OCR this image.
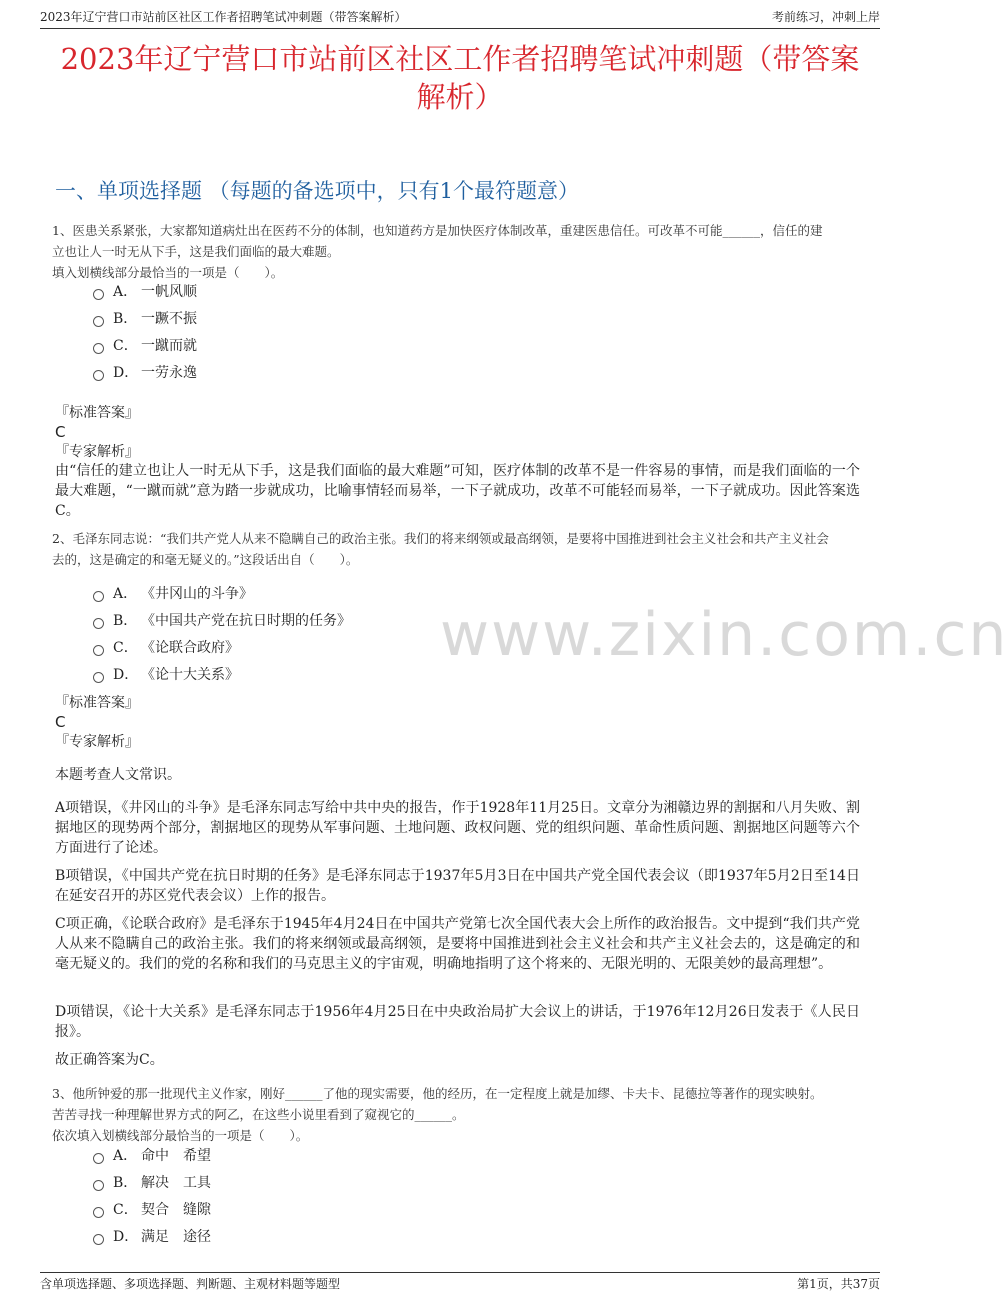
2023年辽宁营口市站前区社区工作者招聘笔试冲刺题（带答案解析）	考前练习，冲刺上岸
2023年辽宁营口市站前区社区工作者招聘笔试冲刺题（带答案
解析）
一、单项选择题 （每题的备选项中，只有1个最符题意）
www.zixin.com.cn
1、医患关系紧张，大家都知道病灶出在医药不分的体制，也知道药方是加快医疗体制改革，重建医患信任。可改革不可能______，信任的建
立也让人一时无从下手，这是我们面临的最大难题。
填入划横线部分最恰当的一项是（　　）。
A． 一帆风顺
B． 一蹶不振
C． 一蹴而就
D． 一劳永逸
『标准答案』
C
『专家解析』
由“信任的建立也让人一时无从下手，这是我们面临的最大难题”可知，医疗体制的改革不是一件容易的事情，而是我们面临的一个最大难题，“一蹴而就”意为踏一步就成功，比喻事情轻而易举，一下子就成功，改革不可能轻而易举，一下子就成功。因此答案选C。
2、毛泽东同志说：“我们共产党人从来不隐瞒自己的政治主张。我们的将来纲领或最高纲领，是要将中国推进到社会主义社会和共产主义社会
去的，这是确定的和毫无疑义的。”这段话出自（　　）。
A． 《井冈山的斗争》
B． 《中国共产党在抗日时期的任务》
C． 《论联合政府》
D． 《论十大关系》
『标准答案』
C
『专家解析』
本题考查人文常识。
A项错误，《井冈山的斗争》是毛泽东同志写给中共中央的报告，作于1928年11月25日。文章分为湘赣边界的割据和八月失败、割据地区的现势两个部分，割据地区的现势从军事问题、土地问题、政权问题、党的组织问题、革命性质问题、割据地区问题等六个方面进行了论述。
B项错误，《中国共产党在抗日时期的任务》是毛泽东同志于1937年5月3日在中国共产党全国代表会议（即1937年5月2日至14日在延安召开的苏区党代表会议）上作的报告。
C项正确，《论联合政府》是毛泽东于1945年4月24日在中国共产党第七次全国代表大会上所作的政治报告。文中提到“我们共产党人从来不隐瞒自己的政治主张。我们的将来纲领或最高纲领，是要将中国推进到社会主义社会和共产主义社会去的，这是确定的和毫无疑义的。我们的党的名称和我们的马克思主义的宇宙观，明确地指明了这个将来的、无限光明的、无限美妙的最高理想”。
D项错误，《论十大关系》是毛泽东同志于1956年4月25日在中央政治局扩大会议上的讲话，于1976年12月26日发表于《人民日报》。
故正确答案为C。
3、他所钟爱的那一批现代主义作家，刚好______了他的现实需要，他的经历，在一定程度上就是加缪、卡夫卡、昆德拉等著作的现实映射。
苦苦寻找一种理解世界方式的阿乙，在这些小说里看到了窥视它的______。
依次填入划横线部分最恰当的一项是（　　）。
A． 命中　希望
B． 解决　工具
C． 契合　缝隙
D． 满足　途径
含单项选择题、多项选择题、判断题、主观材料题等题型	第1页，共37页
